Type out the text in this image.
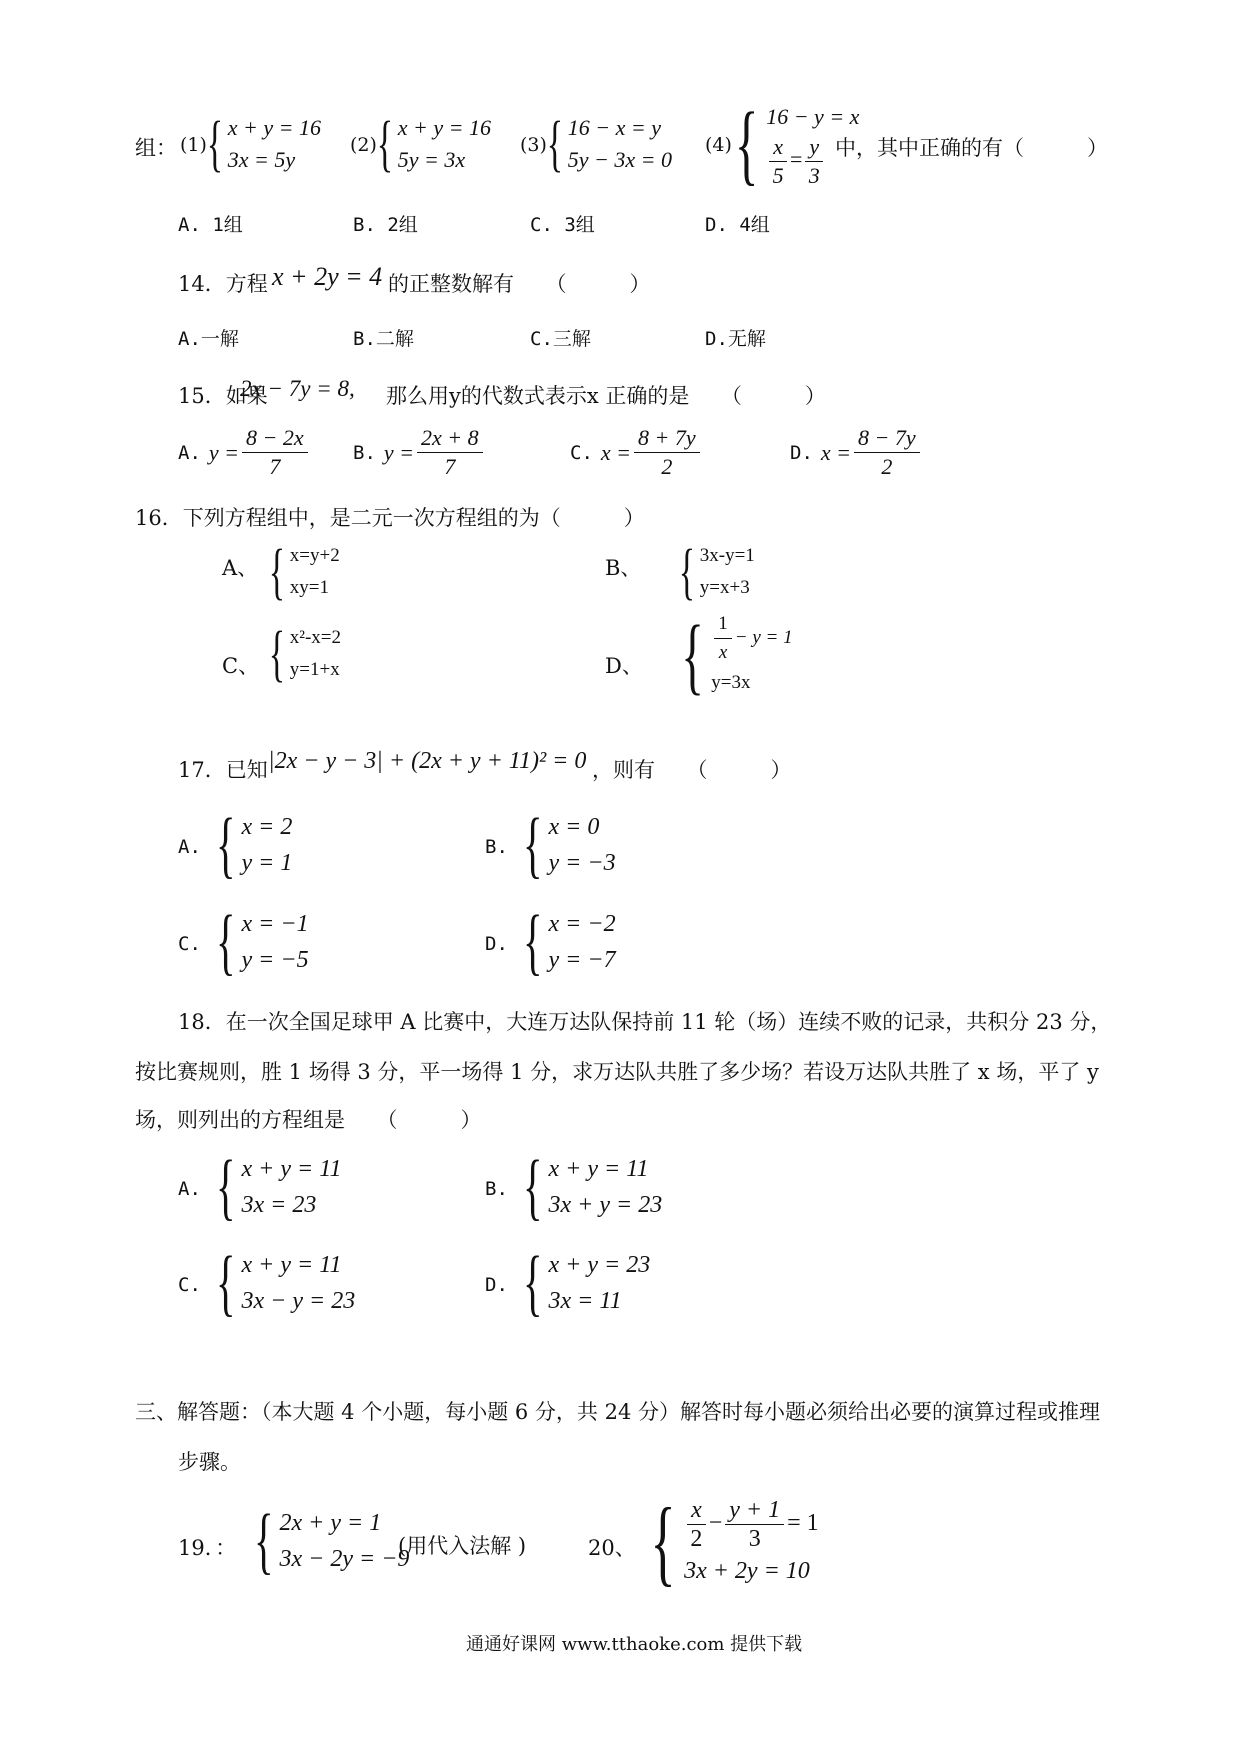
组： (1) { x + y = 16
3x = 5y
(2) { x + y = 16
5y = 3x
(3) { 16 − x = y
5y − 3x = 0
(4) { 16 − y = x
$\frac{x}{5} = \frac{y}{3}$ 中，其中正确的有（　　　）
A. 1组	B. 2组	C. 3组	D. 4组
14．方程 x + 2y = 4 的正整数解有　　（　　　）
A.一解	B.二解	C.三解	D.无解
15．如果
2x − 7y = 8, 那么用y的代数式表示x 正确的是　　（　　　）
A. $y = \frac{8 - 2x}{7} B$. $y = \frac{2x + 8}{7}$	C. $x = \frac{8 + 7y}{2}$	D. $x = \frac{8 - 7y}{2}$
16．下列方程组中，是二元一次方程组的为（　　　）
A、 { x=y+2
xy=1
B、 { 3x-y=1
y=x+3
C、 { x²-x=2
y=1+x	D、 { $\frac{1}{x} - y = 1$
y=3x
17．已知 |2x − y − 3| + (2x + y + 11)² = 0 ，则有　　（　　　）
A. { x = 2
y = 1
B. { x = 0
y = −3
C. { x = −1
y = −5
D. { x = −2
y = −7
18．在一次全国足球甲 A 比赛中，大连万达队保持前 11 轮（场）连续不败的记录，共积分 23 分，
按比赛规则，胜 1 场得 3 分，平一场得 1 分，求万达队共胜了多少场？若设万达队共胜了 x 场，平了 y
场，则列出的方程组是　　（　　　）
A. { x + y = 11
3x = 23
B. { x + y = 11
3x + y = 23
C. { x + y = 11
3x − y = 23
D. { x + y = 23
3x = 11
三、解答题：（本大题 4 个小题，每小题 6 分，共 24 分）解答时每小题必须给出必要的演算过程或推理
步骤。
19．： { 2x + y = 1
3x − 2y = −9
(用代入法解 )	20、 { $\frac{x}{2} - \frac{y + 1}{3} = 1$
3x + 2y = 10
通通好课网 www.tthaoke.com 提供下载
